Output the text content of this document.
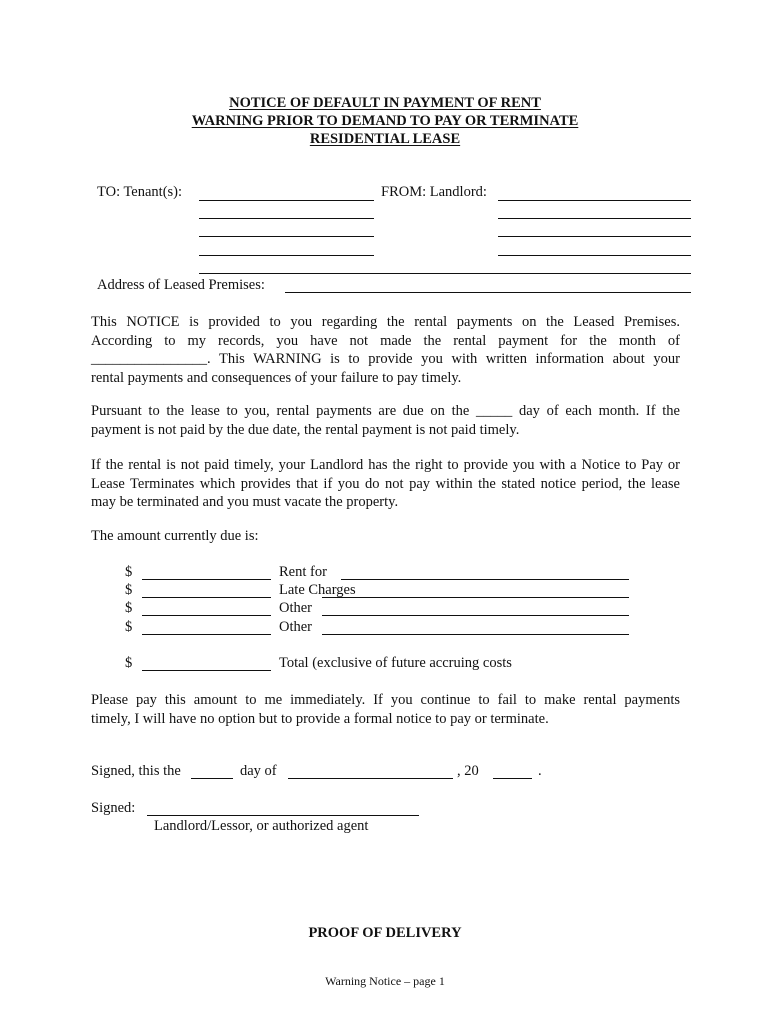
NOTICE OF DEFAULT IN PAYMENT OF RENT
WARNING PRIOR TO DEMAND TO PAY OR TERMINATE
RESIDENTIAL LEASE
TO: Tenant(s):	FROM: Landlord:
Address of Leased Premises:
This NOTICE is provided to you regarding the rental payments on the Leased Premises.
According to my records, you have not made the rental payment for the month of
________________. This WARNING is to provide you with written information about your
rental payments and consequences of your failure to pay timely.
Pursuant to the lease to you, rental payments are due on the _____ day of each month. If the
payment is not paid by the due date, the rental payment is not paid timely.
If the rental is not paid timely, your Landlord has the right to provide you with a Notice to Pay or
Lease Terminates which provides that if you do not pay within the stated notice period, the lease
may be terminated and you must vacate the property.
The amount currently due is:
$	Rent for
$	Late Charges
$	Other
$	Other
$	Total (exclusive of future accruing costs
Please pay this amount to me immediately. If you continue to fail to make rental payments
timely, I will have no option but to provide a formal notice to pay or terminate.
Signed, this the	day of	, 20	.
Signed:
Landlord/Lessor, or authorized agent
PROOF OF DELIVERY
Warning Notice – page 1
